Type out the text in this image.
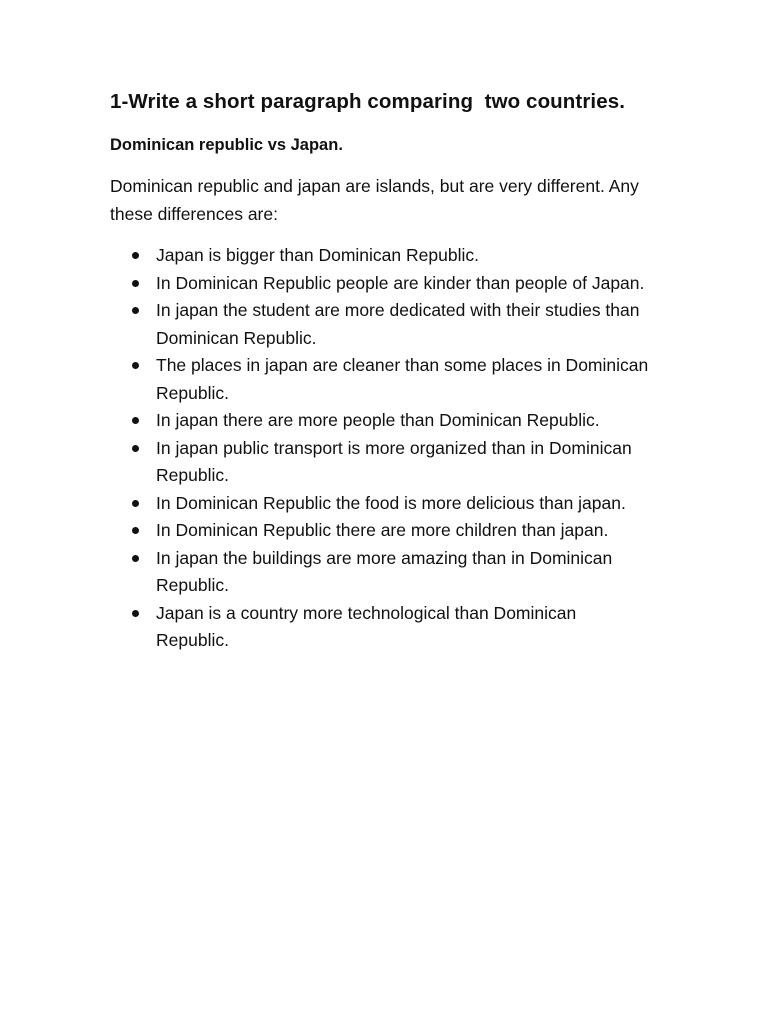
1-Write a short paragraph comparing  two countries.
Dominican republic vs Japan.

Dominican republic and japan are islands, but are very different. Any these differences are:

Japan is bigger than Dominican Republic.
In Dominican Republic people are kinder than people of Japan.
In japan the student are more dedicated with their studies than Dominican Republic.
The places in japan are cleaner than some places in Dominican Republic.
In japan there are more people than Dominican Republic.
In japan public transport is more organized than in Dominican Republic.
In Dominican Republic the food is more delicious than japan.
In Dominican Republic there are more children than japan.
In japan the buildings are more amazing than in Dominican Republic.
Japan is a country more technological than Dominican Republic.
